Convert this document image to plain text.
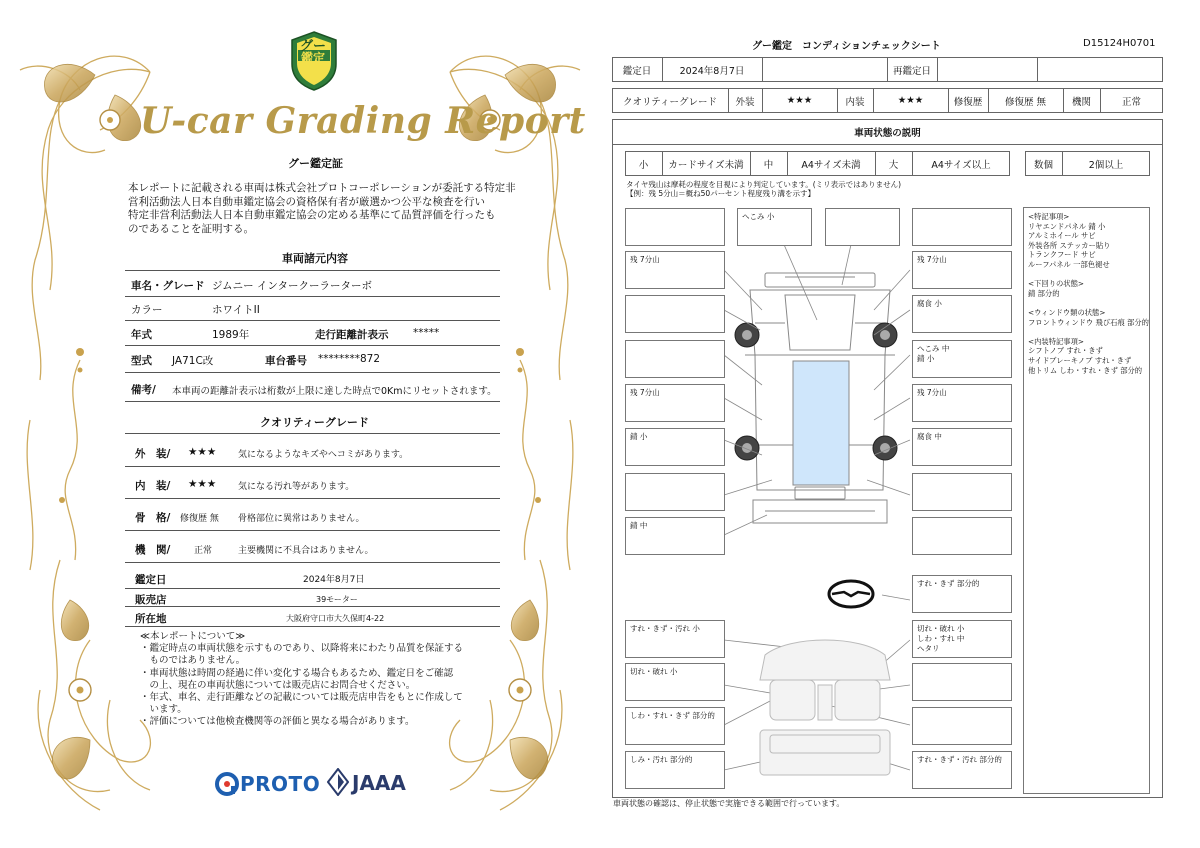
グー
鑑定
U-car Grading Report
グー鑑定証
本レポートに記載される車両は株式会社プロトコーポレーションが委託する特定非
営利活動法人日本自動車鑑定協会の資格保有者が厳選かつ公平な検査を行い
特定非営利活動法人日本自動車鑑定協会の定める基準にて品質評価を行ったも
のであることを証明する。
車両諸元内容
車名・グレード ジムニー インタークーラーターボ
カラー	ホワイトII
年式	1989年	走行距離計表示 *****
型式 JA71C改	車台番号 ********872
備考/ 本車両の距離計表示は桁数が上限に達した時点で0Kmにリセットされます。
クオリティーグレード
外　装/ ★★★ 気になるようなキズやヘコミがあります。
内　装/ ★★★ 気になる汚れ等があります。
骨　格/ 修復歴 無 骨格部位に異常はありません。
機　関/	正常	主要機関に不具合はありません。
鑑定日	2024年8月7日
販売店	39モーター
所在地	大阪府守口市大久保町4-22
≪本レポートについて≫
・鑑定時点の車両状態を示すものであり、以降将来にわたり品質を保証する
　ものではありません。
・車両状態は時間の経過に伴い変化する場合もあるため、鑑定日をご確認
　の上、現在の車両状態については販売店にお問合せください。
・年式、車名、走行距離などの記載については販売店申告をもとに作成して
　います。
・評価については他検査機関等の評価と異なる場合があります。
PROTO JAAA
グー鑑定　コンディションチェックシート	D15124H0701
鑑定日	2024年8月7日	再鑑定日
クオリティーグレード	外装	★★★	内装	★★★	修復歴	修復歴 無	機関	正常
車両状態の説明
小	カードサイズ未満	中	A4サイズ未満	大	A4サイズ以上	数個	2個以上
タイヤ残山は摩耗の程度を目視により判定しています。(ミリ表示ではありません)
【例：残 5分山＝概ね50パーセント程度残り溝を示す】
<特記事項>
リヤエンドパネル 錆 小
アルミホイール サビ
外装各所 ステッカー貼り
トランクフード サビ
ルーフパネル 一部色褪せ
<下回りの状態>
錆 部分的
<ウィンドウ類の状態>
フロントウィンドウ 飛び石痕 部分的
<内装特記事項>
シフトノブ すれ・きず
サイドブレーキノブ すれ・きず
他トリム しわ・すれ・きず 部分的
残 7分山
残 7分山
錆 小
錆 中
残 7分山
腐食 小
へこみ 中
錆 小
残 7分山
腐食 中
へこみ 小
すれ・きず 部分的
すれ・きず・汚れ 小
切れ・破れ 小
しわ・すれ・きず 部分的
しみ・汚れ 部分的
切れ・破れ 小
しわ・すれ 中
へタリ
すれ・きず・汚れ 部分的
車両状態の確認は、停止状態で実施できる範囲で行っています。
